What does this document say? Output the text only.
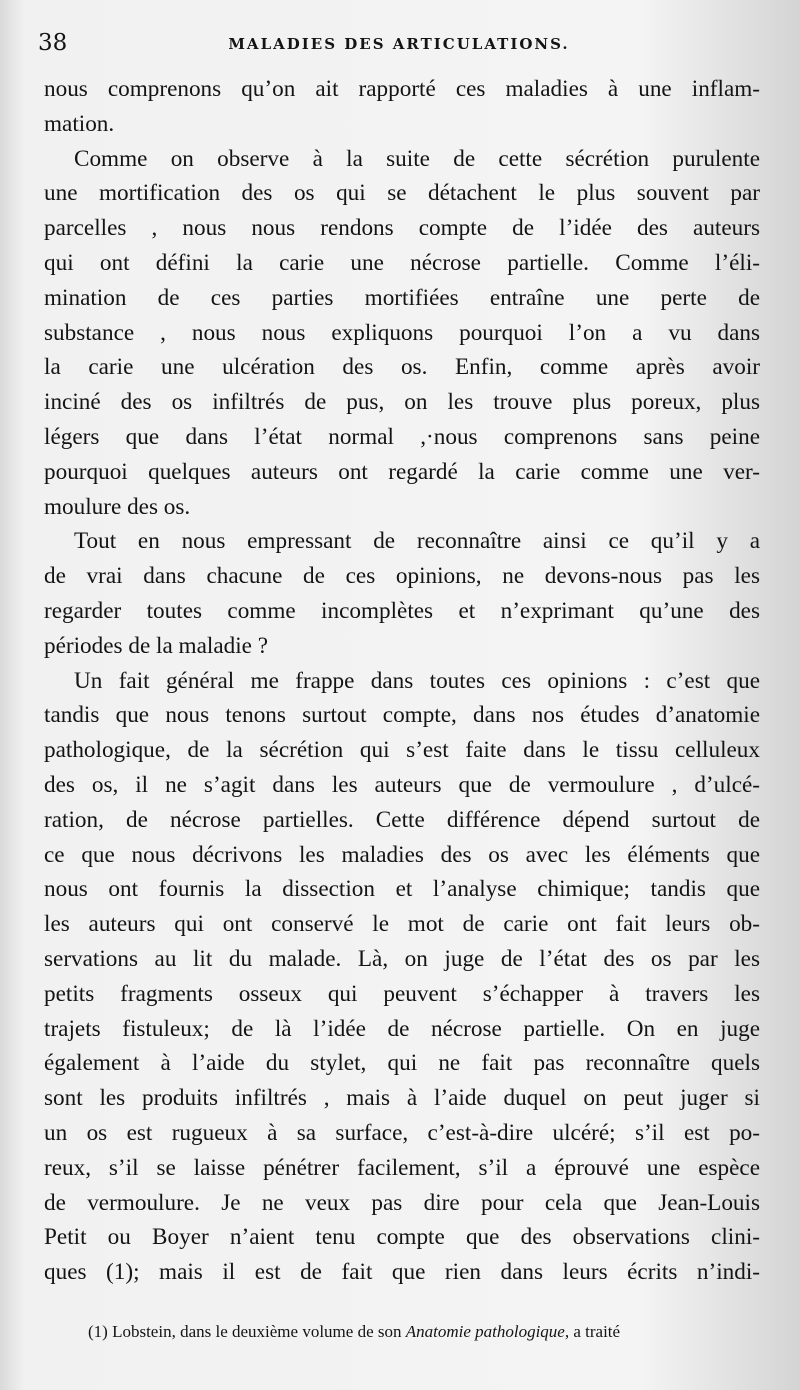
38	MALADIES DES ARTICULATIONS.
nous comprenons qu’on ait rapporté ces maladies à une inflam-
mation.
Comme on observe à la suite de cette sécrétion purulente
une mortification des os qui se détachent le plus souvent par
parcelles , nous nous rendons compte de l’idée des auteurs
qui ont défini la carie une nécrose partielle. Comme l’éli-
mination de ces parties mortifiées entraîne une perte de
substance , nous nous expliquons pourquoi l’on a vu dans
la carie une ulcération des os. Enfin, comme après avoir
inciné des os infiltrés de pus, on les trouve plus poreux, plus
légers que dans l’état normal ,·nous comprenons sans peine
pourquoi quelques auteurs ont regardé la carie comme une ver-
moulure des os.
Tout en nous empressant de reconnaître ainsi ce qu’il y a
de vrai dans chacune de ces opinions, ne devons-nous pas les
regarder toutes comme incomplètes et n’exprimant qu’une des
périodes de la maladie ?
Un fait général me frappe dans toutes ces opinions : c’est que
tandis que nous tenons surtout compte, dans nos études d’anatomie
pathologique, de la sécrétion qui s’est faite dans le tissu celluleux
des os, il ne s’agit dans les auteurs que de vermoulure , d’ulcé-
ration, de nécrose partielles. Cette différence dépend surtout de
ce que nous décrivons les maladies des os avec les éléments que
nous ont fournis la dissection et l’analyse chimique; tandis que
les auteurs qui ont conservé le mot de carie ont fait leurs ob-
servations au lit du malade. Là, on juge de l’état des os par les
petits fragments osseux qui peuvent s’échapper à travers les
trajets fistuleux; de là l’idée de nécrose partielle. On en juge
également à l’aide du stylet, qui ne fait pas reconnaître quels
sont les produits infiltrés , mais à l’aide duquel on peut juger si
un os est rugueux à sa surface, c’est-à-dire ulcéré; s’il est po-
reux, s’il se laisse pénétrer facilement, s’il a éprouvé une espèce
de vermoulure. Je ne veux pas dire pour cela que Jean-Louis
Petit ou Boyer n’aient tenu compte que des observations clini-
ques (1); mais il est de fait que rien dans leurs écrits n’indi-
(1) Lobstein, dans le deuxième volume de son Anatomie pathologique, a traité
